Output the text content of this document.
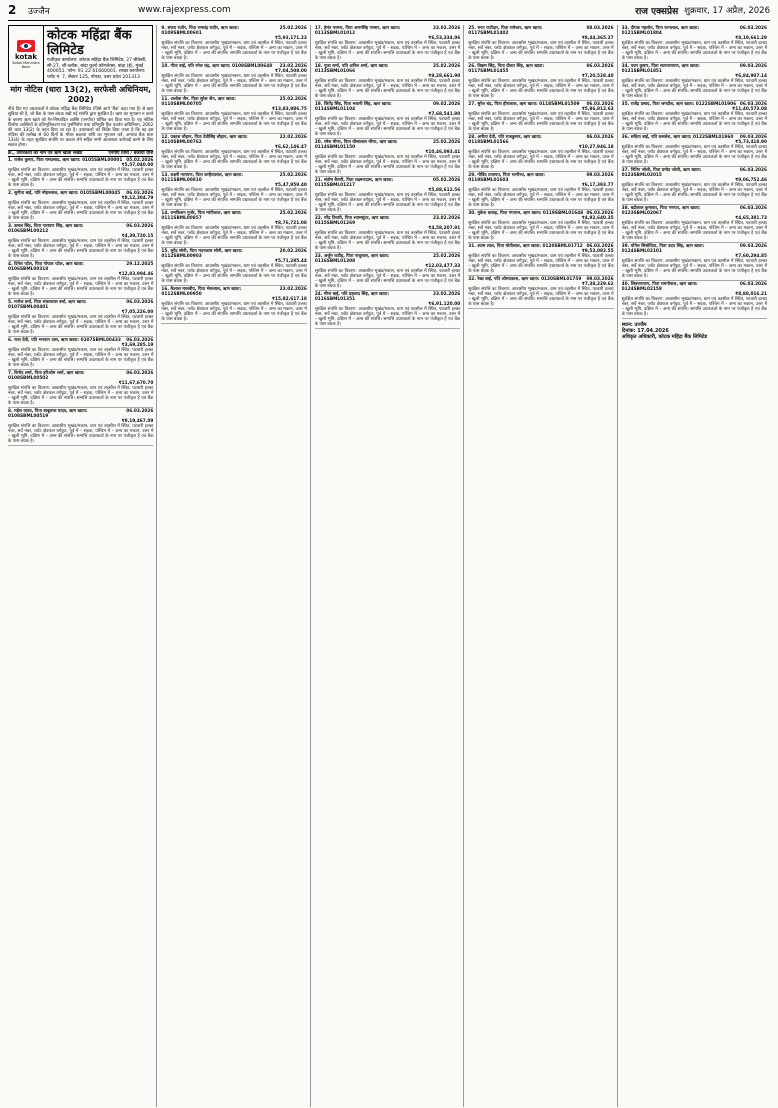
2	उज्जैन	www.rajexpress.com	राज एक्सप्रेस शुक्रवार, 17 अप्रैल, 2026
kotak
Kotak Mahindra Bank
कोटक महिंद्रा बैंक लिमिटेड
पंजीकृत कार्यालय: कोटक महिंद्रा बैंक लिमिटेड, 27 बीकेसी, सी-27, जी-ब्लॉक, बांद्रा कुर्ला कॉम्प्लेक्स, बांद्रा (ई), मुंबई 400051. फोन: 91 22 61660001. शाखा कार्यालय: प्लॉट नं. 7, सेक्टर 125, नोएडा, उत्तर प्रदेश 201313
मांग नोटिस (धारा 13(2), सरफेसी अधिनियम, 2002)
नीचे दिए गए उधारकर्ता ने कोटक महिंद्रा बैंक लिमिटेड (जिसे आगे 'बैंक' कहा गया है) से ऋण सुविधा ली है, जो बैंक के पास बंधक रखी गई संपत्ति द्वारा सुरक्षित है। ऋण का भुगतान न करने के कारण ऋण खाते को गैर-निष्पादित आस्ति (एनपीए) घोषित कर दिया गया है। यह नोटिस वित्तीय आस्तियों के प्रतिभूतिकरण एवं पुनर्निर्माण तथा प्रतिभूति हित प्रवर्तन अधिनियम, 2002 की धारा 13(2) के तहत दिया जा रहा है। उधारकर्ता को निर्देश दिया जाता है कि वह इस नोटिस की तारीख से 60 दिनों के भीतर बकाया राशि का भुगतान करें, अन्यथा बैंक धारा 13(4) के तहत सुरक्षित संपत्ति पर कब्जा लेने सहित सभी आवश्यक कार्रवाई करने के लिए स्वतंत्र होगा।
क्र., उधारकर्ता का नाम एवं ऋण खाता संख्या	एनपीए तिथि / बकाया राशि
1. राजेश कुमार, पिता रामप्रसाद, ऋण खाता: 0105SBML00001 05.02.2026
₹5,57,040.00
सुरक्षित संपत्ति का विवरण: आवासीय भूखंड/मकान, ग्राम एवं तहसील में स्थित, पटवारी हल्का नंबर, सर्वे नंबर, प्लॉट क्षेत्रफल वर्गफुट, पूर्व में – सड़क, पश्चिम में – अन्य का मकान, उत्तर में – खुली भूमि, दक्षिण में – अन्य की संपत्ति। सम्पत्ति उधारकर्ता के नाम पर पंजीकृत है एवं बैंक के पास बंधक है।
2. सुनीता बाई, पति मोहनलाल, ऋण खाता: 0105SBML00045	06.03.2026
₹8,12,304.79
सुरक्षित संपत्ति का विवरण: आवासीय भूखंड/मकान, ग्राम एवं तहसील में स्थित, पटवारी हल्का नंबर, सर्वे नंबर, प्लॉट क्षेत्रफल वर्गफुट, पूर्व में – सड़क, पश्चिम में – अन्य का मकान, उत्तर में – खुली भूमि, दक्षिण में – अन्य की संपत्ति। सम्पत्ति उधारकर्ता के नाम पर पंजीकृत है एवं बैंक के पास बंधक है।
3. कमल सिंह, पिता नारायण सिंह, ऋण खाता: 0106SBML00212
06.03.2026
₹4,39,720.15
सुरक्षित संपत्ति का विवरण: आवासीय भूखंड/मकान, ग्राम एवं तहसील में स्थित, पटवारी हल्का नंबर, सर्वे नंबर, प्लॉट क्षेत्रफल वर्गफुट, पूर्व में – सड़क, पश्चिम में – अन्य का मकान, उत्तर में – खुली भूमि, दक्षिण में – अन्य की संपत्ति। सम्पत्ति उधारकर्ता के नाम पर पंजीकृत है एवं बैंक के पास बंधक है।
4. दिनेश पटेल, पिता गोपाल पटेल, ऋण खाता: 0106SBML00318
29.12.2025
₹12,83,994.46
सुरक्षित संपत्ति का विवरण: आवासीय भूखंड/मकान, ग्राम एवं तहसील में स्थित, पटवारी हल्का नंबर, सर्वे नंबर, प्लॉट क्षेत्रफल वर्गफुट, पूर्व में – सड़क, पश्चिम में – अन्य का मकान, उत्तर में – खुली भूमि, दक्षिण में – अन्य की संपत्ति। सम्पत्ति उधारकर्ता के नाम पर पंजीकृत है एवं बैंक के पास बंधक है।
5. मनोज वर्मा, पिता शंकरलाल वर्मा, ऋण खाता: 0107SBML00401
06.03.2026
₹7,05,226.00
सुरक्षित संपत्ति का विवरण: आवासीय भूखंड/मकान, ग्राम एवं तहसील में स्थित, पटवारी हल्का नंबर, सर्वे नंबर, प्लॉट क्षेत्रफल वर्गफुट, पूर्व में – सड़क, पश्चिम में – अन्य का मकान, उत्तर में – खुली भूमि, दक्षिण में – अन्य की संपत्ति। सम्पत्ति उधारकर्ता के नाम पर पंजीकृत है एवं बैंक के पास बंधक है।
6. राधा देवी, पति भगवान दास, ऋण खाता: 0107SBML00433	06.03.2026
₹3,69,285.19
सुरक्षित संपत्ति का विवरण: आवासीय भूखंड/मकान, ग्राम एवं तहसील में स्थित, पटवारी हल्का नंबर, सर्वे नंबर, प्लॉट क्षेत्रफल वर्गफुट, पूर्व में – सड़क, पश्चिम में – अन्य का मकान, उत्तर में – खुली भूमि, दक्षिण में – अन्य की संपत्ति। सम्पत्ति उधारकर्ता के नाम पर पंजीकृत है एवं बैंक के पास बंधक है।
7. विनोद शर्मा, पिता हरिओम शर्मा, ऋण खाता: 0108SBML00502
06.03.2026
₹11,67,670.70
सुरक्षित संपत्ति का विवरण: आवासीय भूखंड/मकान, ग्राम एवं तहसील में स्थित, पटवारी हल्का नंबर, सर्वे नंबर, प्लॉट क्षेत्रफल वर्गफुट, पूर्व में – सड़क, पश्चिम में – अन्य का मकान, उत्तर में – खुली भूमि, दक्षिण में – अन्य की संपत्ति। सम्पत्ति उधारकर्ता के नाम पर पंजीकृत है एवं बैंक के पास बंधक है।
8. महेश यादव, पिता बाबूलाल यादव, ऋण खाता: 0108SBML00519
06.03.2026
₹9,19,467.09
सुरक्षित संपत्ति का विवरण: आवासीय भूखंड/मकान, ग्राम एवं तहसील में स्थित, पटवारी हल्का नंबर, सर्वे नंबर, प्लॉट क्षेत्रफल वर्गफुट, पूर्व में – सड़क, पश्चिम में – अन्य का मकान, उत्तर में – खुली भूमि, दक्षिण में – अन्य की संपत्ति। सम्पत्ति उधारकर्ता के नाम पर पंजीकृत है एवं बैंक के पास बंधक है।
9. संजय राठौर, पिता रामचंद्र राठौर, ऋण खाता: 0109SBML00601
25.02.2026
₹5,93,171.23
सुरक्षित संपत्ति का विवरण: आवासीय भूखंड/मकान, ग्राम एवं तहसील में स्थित, पटवारी हल्का नंबर, सर्वे नंबर, प्लॉट क्षेत्रफल वर्गफुट, पूर्व में – सड़क, पश्चिम में – अन्य का मकान, उत्तर में – खुली भूमि, दक्षिण में – अन्य की संपत्ति। सम्पत्ति उधारकर्ता के नाम पर पंजीकृत है एवं बैंक के पास बंधक है।
10. गीता बाई, पति रमेश चंद्र, ऋण खाता: 0109SBML00648	23.02.2026
₹7,04,508.00
सुरक्षित संपत्ति का विवरण: आवासीय भूखंड/मकान, ग्राम एवं तहसील में स्थित, पटवारी हल्का नंबर, सर्वे नंबर, प्लॉट क्षेत्रफल वर्गफुट, पूर्व में – सड़क, पश्चिम में – अन्य का मकान, उत्तर में – खुली भूमि, दक्षिण में – अन्य की संपत्ति। सम्पत्ति उधारकर्ता के नाम पर पंजीकृत है एवं बैंक के पास बंधक है।
11. अशोक जैन, पिता सुरेश जैन, ऋण खाता: 0110SBML00705
25.02.2026
₹13,83,986.75
सुरक्षित संपत्ति का विवरण: आवासीय भूखंड/मकान, ग्राम एवं तहसील में स्थित, पटवारी हल्का नंबर, सर्वे नंबर, प्लॉट क्षेत्रफल वर्गफुट, पूर्व में – सड़क, पश्चिम में – अन्य का मकान, उत्तर में – खुली भूमि, दक्षिण में – अन्य की संपत्ति। सम्पत्ति उधारकर्ता के नाम पर पंजीकृत है एवं बैंक के पास बंधक है।
12. प्रकाश चौहान, पिता देवीसिंह चौहान, ऋण खाता: 0110SBML00762
22.02.2026
₹6,62,146.47
सुरक्षित संपत्ति का विवरण: आवासीय भूखंड/मकान, ग्राम एवं तहसील में स्थित, पटवारी हल्का नंबर, सर्वे नंबर, प्लॉट क्षेत्रफल वर्गफुट, पूर्व में – सड़क, पश्चिम में – अन्य का मकान, उत्तर में – खुली भूमि, दक्षिण में – अन्य की संपत्ति। सम्पत्ति उधारकर्ता के नाम पर पंजीकृत है एवं बैंक के पास बंधक है।
13. लक्ष्मी नारायण, पिता कन्हैयालाल, ऋण खाता: 0111SBML00810
25.02.2026
₹5,47,959.40
सुरक्षित संपत्ति का विवरण: आवासीय भूखंड/मकान, ग्राम एवं तहसील में स्थित, पटवारी हल्का नंबर, सर्वे नंबर, प्लॉट क्षेत्रफल वर्गफुट, पूर्व में – सड़क, पश्चिम में – अन्य का मकान, उत्तर में – खुली भूमि, दक्षिण में – अन्य की संपत्ति। सम्पत्ति उधारकर्ता के नाम पर पंजीकृत है एवं बैंक के पास बंधक है।
14. रामकिशन गुर्जर, पिता मांगीलाल, ऋण खाता: 0111SBML00857
25.02.2026
₹8,76,721.08
सुरक्षित संपत्ति का विवरण: आवासीय भूखंड/मकान, ग्राम एवं तहसील में स्थित, पटवारी हल्का नंबर, सर्वे नंबर, प्लॉट क्षेत्रफल वर्गफुट, पूर्व में – सड़क, पश्चिम में – अन्य का मकान, उत्तर में – खुली भूमि, दक्षिण में – अन्य की संपत्ति। सम्पत्ति उधारकर्ता के नाम पर पंजीकृत है एवं बैंक के पास बंधक है।
15. सुरेंद्र सोनी, पिता मदनलाल सोनी, ऋण खाता: 0112SBML00903
20.02.2026
₹5,71,285.44
सुरक्षित संपत्ति का विवरण: आवासीय भूखंड/मकान, ग्राम एवं तहसील में स्थित, पटवारी हल्का नंबर, सर्वे नंबर, प्लॉट क्षेत्रफल वर्गफुट, पूर्व में – सड़क, पश्चिम में – अन्य का मकान, उत्तर में – खुली भूमि, दक्षिण में – अन्य की संपत्ति। सम्पत्ति उधारकर्ता के नाम पर पंजीकृत है एवं बैंक के पास बंधक है।
16. कैलाश मालवीय, पिता भेरूलाल, ऋण खाता: 0112SBML00950
23.02.2026
₹15,82,617.18
सुरक्षित संपत्ति का विवरण: आवासीय भूखंड/मकान, ग्राम एवं तहसील में स्थित, पटवारी हल्का नंबर, सर्वे नंबर, प्लॉट क्षेत्रफल वर्गफुट, पूर्व में – सड़क, पश्चिम में – अन्य का मकान, उत्तर में – खुली भूमि, दक्षिण में – अन्य की संपत्ति। सम्पत्ति उधारकर्ता के नाम पर पंजीकृत है एवं बैंक के पास बंधक है।
17. हेमंत परमार, पिता अमरसिंह परमार, ऋण खाता: 0113SBML01012
23.02.2026
₹6,53,334.06
सुरक्षित संपत्ति का विवरण: आवासीय भूखंड/मकान, ग्राम एवं तहसील में स्थित, पटवारी हल्का नंबर, सर्वे नंबर, प्लॉट क्षेत्रफल वर्गफुट, पूर्व में – सड़क, पश्चिम में – अन्य का मकान, उत्तर में – खुली भूमि, दक्षिण में – अन्य की संपत्ति। सम्पत्ति उधारकर्ता के नाम पर पंजीकृत है एवं बैंक के पास बंधक है।
18. पूजा शर्मा, पति अनिल शर्मा, ऋण खाता: 0113SBML01066
25.02.2026
₹9,28,661.90
सुरक्षित संपत्ति का विवरण: आवासीय भूखंड/मकान, ग्राम एवं तहसील में स्थित, पटवारी हल्का नंबर, सर्वे नंबर, प्लॉट क्षेत्रफल वर्गफुट, पूर्व में – सड़क, पश्चिम में – अन्य का मकान, उत्तर में – खुली भूमि, दक्षिण में – अन्य की संपत्ति। सम्पत्ति उधारकर्ता के नाम पर पंजीकृत है एवं बैंक के पास बंधक है।
19. जितेंद्र सिंह, पिता भवानी सिंह, ऋण खाता: 0114SBML01104
09.02.2026
₹7,68,541.80
सुरक्षित संपत्ति का विवरण: आवासीय भूखंड/मकान, ग्राम एवं तहसील में स्थित, पटवारी हल्का नंबर, सर्वे नंबर, प्लॉट क्षेत्रफल वर्गफुट, पूर्व में – सड़क, पश्चिम में – अन्य का मकान, उत्तर में – खुली भूमि, दक्षिण में – अन्य की संपत्ति। सम्पत्ति उधारकर्ता के नाम पर पंजीकृत है एवं बैंक के पास बंधक है।
20. रमेश मीणा, पिता घीसालाल मीणा, ऋण खाता: 0114SBML01150
25.02.2026
₹10,46,093.41
सुरक्षित संपत्ति का विवरण: आवासीय भूखंड/मकान, ग्राम एवं तहसील में स्थित, पटवारी हल्का नंबर, सर्वे नंबर, प्लॉट क्षेत्रफल वर्गफुट, पूर्व में – सड़क, पश्चिम में – अन्य का मकान, उत्तर में – खुली भूमि, दक्षिण में – अन्य की संपत्ति। सम्पत्ति उधारकर्ता के नाम पर पंजीकृत है एवं बैंक के पास बंधक है।
21. संतोष बैरागी, पिता लक्ष्मणदास, ऋण खाता: 0115SBML01217
05.02.2026
₹5,88,612.56
सुरक्षित संपत्ति का विवरण: आवासीय भूखंड/मकान, ग्राम एवं तहसील में स्थित, पटवारी हल्का नंबर, सर्वे नंबर, प्लॉट क्षेत्रफल वर्गफुट, पूर्व में – सड़क, पश्चिम में – अन्य का मकान, उत्तर में – खुली भूमि, दक्षिण में – अन्य की संपत्ति। सम्पत्ति उधारकर्ता के नाम पर पंजीकृत है एवं बैंक के पास बंधक है।
22. नरेंद्र तिवारी, पिता श्यामसुंदर, ऋण खाता: 0115SBML01269
23.02.2026
₹4,58,207.91
सुरक्षित संपत्ति का विवरण: आवासीय भूखंड/मकान, ग्राम एवं तहसील में स्थित, पटवारी हल्का नंबर, सर्वे नंबर, प्लॉट क्षेत्रफल वर्गफुट, पूर्व में – सड़क, पश्चिम में – अन्य का मकान, उत्तर में – खुली भूमि, दक्षिण में – अन्य की संपत्ति। सम्पत्ति उधारकर्ता के नाम पर पंजीकृत है एवं बैंक के पास बंधक है।
23. अर्जुन राठौड़, पिता नाथूलाल, ऋण खाता: 0116SBML01308
25.02.2026
₹12,03,477.33
सुरक्षित संपत्ति का विवरण: आवासीय भूखंड/मकान, ग्राम एवं तहसील में स्थित, पटवारी हल्का नंबर, सर्वे नंबर, प्लॉट क्षेत्रफल वर्गफुट, पूर्व में – सड़क, पश्चिम में – अन्य का मकान, उत्तर में – खुली भूमि, दक्षिण में – अन्य की संपत्ति। सम्पत्ति उधारकर्ता के नाम पर पंजीकृत है एवं बैंक के पास बंधक है।
24. मीना बाई, पति प्रहलाद सिंह, ऋण खाता: 0116SBML01351
23.02.2026
₹6,91,120.00
सुरक्षित संपत्ति का विवरण: आवासीय भूखंड/मकान, ग्राम एवं तहसील में स्थित, पटवारी हल्का नंबर, सर्वे नंबर, प्लॉट क्षेत्रफल वर्गफुट, पूर्व में – सड़क, पश्चिम में – अन्य का मकान, उत्तर में – खुली भूमि, दक्षिण में – अन्य की संपत्ति। सम्पत्ति उधारकर्ता के नाम पर पंजीकृत है एवं बैंक के पास बंधक है।
25. भरत पाटीदार, पिता रामेश्वर, ऋण खाता: 0117SBML01402
08.03.2026
₹8,44,365.27
सुरक्षित संपत्ति का विवरण: आवासीय भूखंड/मकान, ग्राम एवं तहसील में स्थित, पटवारी हल्का नंबर, सर्वे नंबर, प्लॉट क्षेत्रफल वर्गफुट, पूर्व में – सड़क, पश्चिम में – अन्य का मकान, उत्तर में – खुली भूमि, दक्षिण में – अन्य की संपत्ति। सम्पत्ति उधारकर्ता के नाम पर पंजीकृत है एवं बैंक के पास बंधक है।
26. विक्रम सिंह, पिता दौलत सिंह, ऋण खाता: 0117SBML01455
06.03.2026
₹7,20,528.40
सुरक्षित संपत्ति का विवरण: आवासीय भूखंड/मकान, ग्राम एवं तहसील में स्थित, पटवारी हल्का नंबर, सर्वे नंबर, प्लॉट क्षेत्रफल वर्गफुट, पूर्व में – सड़क, पश्चिम में – अन्य का मकान, उत्तर में – खुली भूमि, दक्षिण में – अन्य की संपत्ति। सम्पत्ति उधारकर्ता के नाम पर पंजीकृत है एवं बैंक के पास बंधक है।
27. सुरेश चंद्र, पिता हीरालाल, ऋण खाता: 0118SBML01509	06.03.2026
₹5,86,812.63
सुरक्षित संपत्ति का विवरण: आवासीय भूखंड/मकान, ग्राम एवं तहसील में स्थित, पटवारी हल्का नंबर, सर्वे नंबर, प्लॉट क्षेत्रफल वर्गफुट, पूर्व में – सड़क, पश्चिम में – अन्य का मकान, उत्तर में – खुली भूमि, दक्षिण में – अन्य की संपत्ति। सम्पत्ति उधारकर्ता के नाम पर पंजीकृत है एवं बैंक के पास बंधक है।
28. अनीता देवी, पति राजकुमार, ऋण खाता: 0118SBML01566
06.03.2026
₹10,27,946.18
सुरक्षित संपत्ति का विवरण: आवासीय भूखंड/मकान, ग्राम एवं तहसील में स्थित, पटवारी हल्का नंबर, सर्वे नंबर, प्लॉट क्षेत्रफल वर्गफुट, पूर्व में – सड़क, पश्चिम में – अन्य का मकान, उत्तर में – खुली भूमि, दक्षिण में – अन्य की संपत्ति। सम्पत्ति उधारकर्ता के नाम पर पंजीकृत है एवं बैंक के पास बंधक है।
29. गोविंद प्रजापत, पिता भागीरथ, ऋण खाता: 0119SBML01603
09.03.2026
₹6,17,393.77
सुरक्षित संपत्ति का विवरण: आवासीय भूखंड/मकान, ग्राम एवं तहसील में स्थित, पटवारी हल्का नंबर, सर्वे नंबर, प्लॉट क्षेत्रफल वर्गफुट, पूर्व में – सड़क, पश्चिम में – अन्य का मकान, उत्तर में – खुली भूमि, दक्षिण में – अन्य की संपत्ति। सम्पत्ति उधारकर्ता के नाम पर पंजीकृत है एवं बैंक के पास बंधक है।
30. मुकेश धाकड़, पिता गंगाराम, ऋण खाता: 0119SBML01648 06.03.2026
₹4,92,640.35
सुरक्षित संपत्ति का विवरण: आवासीय भूखंड/मकान, ग्राम एवं तहसील में स्थित, पटवारी हल्का नंबर, सर्वे नंबर, प्लॉट क्षेत्रफल वर्गफुट, पूर्व में – सड़क, पश्चिम में – अन्य का मकान, उत्तर में – खुली भूमि, दक्षिण में – अन्य की संपत्ति। सम्पत्ति उधारकर्ता के नाम पर पंजीकृत है एवं बैंक के पास बंधक है।
31. श्याम लाल, पिता मोतीलाल, ऋण खाता: 0120SBML01712 06.03.2026
₹9,53,082.55
सुरक्षित संपत्ति का विवरण: आवासीय भूखंड/मकान, ग्राम एवं तहसील में स्थित, पटवारी हल्का नंबर, सर्वे नंबर, प्लॉट क्षेत्रफल वर्गफुट, पूर्व में – सड़क, पश्चिम में – अन्य का मकान, उत्तर में – खुली भूमि, दक्षिण में – अन्य की संपत्ति। सम्पत्ति उधारकर्ता के नाम पर पंजीकृत है एवं बैंक के पास बंधक है।
32. रेखा बाई, पति ओमप्रकाश, ऋण खाता: 0120SBML01759	09.03.2026
₹7,38,229.62
सुरक्षित संपत्ति का विवरण: आवासीय भूखंड/मकान, ग्राम एवं तहसील में स्थित, पटवारी हल्का नंबर, सर्वे नंबर, प्लॉट क्षेत्रफल वर्गफुट, पूर्व में – सड़क, पश्चिम में – अन्य का मकान, उत्तर में – खुली भूमि, दक्षिण में – अन्य की संपत्ति। सम्पत्ति उधारकर्ता के नाम पर पंजीकृत है एवं बैंक के पास बंधक है।
33. दीपक गहलोत, पिता रतनलाल, ऋण खाता: 0121SBML01804
06.03.2026
₹8,19,661.29
सुरक्षित संपत्ति का विवरण: आवासीय भूखंड/मकान, ग्राम एवं तहसील में स्थित, पटवारी हल्का नंबर, सर्वे नंबर, प्लॉट क्षेत्रफल वर्गफुट, पूर्व में – सड़क, पश्चिम में – अन्य का मकान, उत्तर में – खुली भूमि, दक्षिण में – अन्य की संपत्ति। सम्पत्ति उधारकर्ता के नाम पर पंजीकृत है एवं बैंक के पास बंधक है।
34. पवन कुमार, पिता सत्यनारायण, ऋण खाता: 0121SBML01851
09.03.2026
₹6,84,907.14
सुरक्षित संपत्ति का विवरण: आवासीय भूखंड/मकान, ग्राम एवं तहसील में स्थित, पटवारी हल्का नंबर, सर्वे नंबर, प्लॉट क्षेत्रफल वर्गफुट, पूर्व में – सड़क, पश्चिम में – अन्य का मकान, उत्तर में – खुली भूमि, दक्षिण में – अन्य की संपत्ति। सम्पत्ति उधारकर्ता के नाम पर पंजीकृत है एवं बैंक के पास बंधक है।
35. राजेंद्र प्रसाद, पिता जगदीश, ऋण खाता: 0122SBML01906 06.03.2026
₹11,40,573.08
सुरक्षित संपत्ति का विवरण: आवासीय भूखंड/मकान, ग्राम एवं तहसील में स्थित, पटवारी हल्का नंबर, सर्वे नंबर, प्लॉट क्षेत्रफल वर्गफुट, पूर्व में – सड़क, पश्चिम में – अन्य का मकान, उत्तर में – खुली भूमि, दक्षिण में – अन्य की संपत्ति। सम्पत्ति उधारकर्ता के नाम पर पंजीकृत है एवं बैंक के पास बंधक है।
36. सविता बाई, पति कमलेश, ऋण खाता: 0122SBML01960	09.03.2026
₹5,73,418.90
सुरक्षित संपत्ति का विवरण: आवासीय भूखंड/मकान, ग्राम एवं तहसील में स्थित, पटवारी हल्का नंबर, सर्वे नंबर, प्लॉट क्षेत्रफल वर्गफुट, पूर्व में – सड़क, पश्चिम में – अन्य का मकान, उत्तर में – खुली भूमि, दक्षिण में – अन्य की संपत्ति। सम्पत्ति उधारकर्ता के नाम पर पंजीकृत है एवं बैंक के पास बंधक है।
37. नितिन जोशी, पिता प्रमोद जोशी, ऋण खाता: 0123SBML02015
06.03.2026
₹9,06,752.46
सुरक्षित संपत्ति का विवरण: आवासीय भूखंड/मकान, ग्राम एवं तहसील में स्थित, पटवारी हल्का नंबर, सर्वे नंबर, प्लॉट क्षेत्रफल वर्गफुट, पूर्व में – सड़क, पश्चिम में – अन्य का मकान, उत्तर में – खुली भूमि, दक्षिण में – अन्य की संपत्ति। सम्पत्ति उधारकर्ता के नाम पर पंजीकृत है एवं बैंक के पास बंधक है।
38. बद्रीलाल कुमावत, पिता गणपत, ऋण खाता: 0123SBML02067
06.03.2026
₹4,65,381.73
सुरक्षित संपत्ति का विवरण: आवासीय भूखंड/मकान, ग्राम एवं तहसील में स्थित, पटवारी हल्का नंबर, सर्वे नंबर, प्लॉट क्षेत्रफल वर्गफुट, पूर्व में – सड़क, पश्चिम में – अन्य का मकान, उत्तर में – खुली भूमि, दक्षिण में – अन्य की संपत्ति। सम्पत्ति उधारकर्ता के नाम पर पंजीकृत है एवं बैंक के पास बंधक है।
39. योगेश सिसोदिया, पिता उदय सिंह, ऋण खाता: 0124SBML02101
09.03.2026
₹7,60,294.85
सुरक्षित संपत्ति का विवरण: आवासीय भूखंड/मकान, ग्राम एवं तहसील में स्थित, पटवारी हल्का नंबर, सर्वे नंबर, प्लॉट क्षेत्रफल वर्गफुट, पूर्व में – सड़क, पश्चिम में – अन्य का मकान, उत्तर में – खुली भूमि, दक्षिण में – अन्य की संपत्ति। सम्पत्ति उधारकर्ता के नाम पर पंजीकृत है एवं बैंक के पास बंधक है।
40. शिवनारायण, पिता रामगोपाल, ऋण खाता: 0124SBML02158
06.03.2026
₹8,88,016.21
सुरक्षित संपत्ति का विवरण: आवासीय भूखंड/मकान, ग्राम एवं तहसील में स्थित, पटवारी हल्का नंबर, सर्वे नंबर, प्लॉट क्षेत्रफल वर्गफुट, पूर्व में – सड़क, पश्चिम में – अन्य का मकान, उत्तर में – खुली भूमि, दक्षिण में – अन्य की संपत्ति। सम्पत्ति उधारकर्ता के नाम पर पंजीकृत है एवं बैंक के पास बंधक है।
स्थान: उज्जैन
दिनांक: 17.04.2026
अधिकृत अधिकारी, कोटक महिंद्रा बैंक लिमिटेड
